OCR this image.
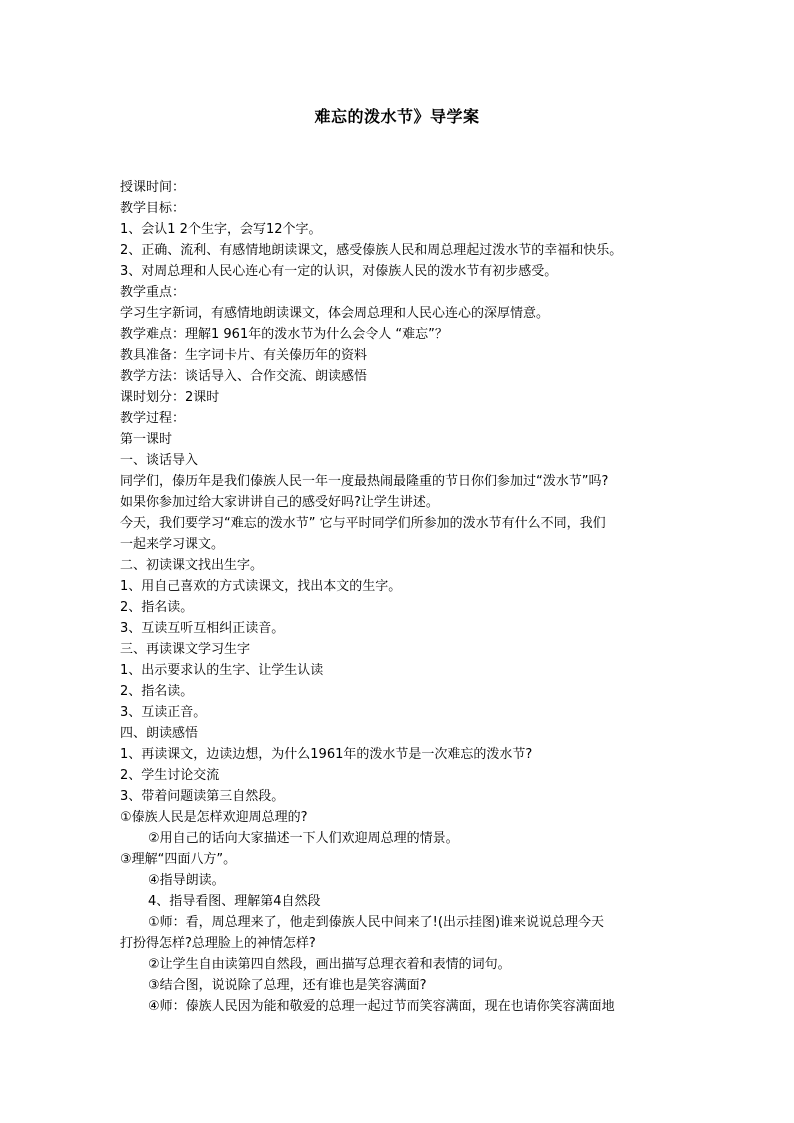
难忘的泼水节》导学案
授课时间：
教学目标：
1、会认1 2个生字，会写12个字。
2、正确、流利、有感情地朗读课文，感受傣族人民和周总理起过泼水节的幸福和快乐。
3、对周总理和人民心连心有一定的认识，对傣族人民的泼水节有初步感受。
教学重点：
学习生字新词，有感情地朗读课文，体会周总理和人民心连心的深厚情意。
教学难点：理解1 961年的泼水节为什么会令人 “难忘”？
教具准备：生字词卡片、有关傣历年的资料
教学方法：谈话导入、合作交流、朗读感悟
课时划分：2课时
教学过程：
第一课时
一、谈话导入
同学们，傣历年是我们傣族人民一年一度最热闹最隆重的节日你们参加过“泼水节”吗?
如果你参加过给大家讲讲自己的感受好吗?让学生讲述。
今天，我们要学习“难忘的泼水节” 它与平时同学们所参加的泼水节有什么不同，我们
一起来学习课文。
二、初读课文找出生字。
1、用自己喜欢的方式读课文，找出本文的生字。
2、指名读。
3、互读互听互相纠正读音。
三、再读课文学习生字
1、出示要求认的生字、让学生认读
2、指名读。
3、互读正音。
四、朗读感悟
1、再读课文，边读边想，为什么1961年的泼水节是一次难忘的泼水节?
2、学生讨论交流
3、带着问题读第三自然段。
①傣族人民是怎样欢迎周总理的?
②用自己的话向大家描述一下人们欢迎周总理的情景。
③理解“四面八方”。
④指导朗读。
4、指导看图、理解第4自然段
①师：看，周总理来了，他走到傣族人民中间来了!(出示挂图)谁来说说总理今天
打扮得怎样?总理脸上的神情怎样?
②让学生自由读第四自然段，画出描写总理衣着和表情的词句。
③结合图，说说除了总理，还有谁也是笑容满面?
④师：傣族人民因为能和敬爱的总理一起过节而笑容满面，现在也请你笑容满面地
